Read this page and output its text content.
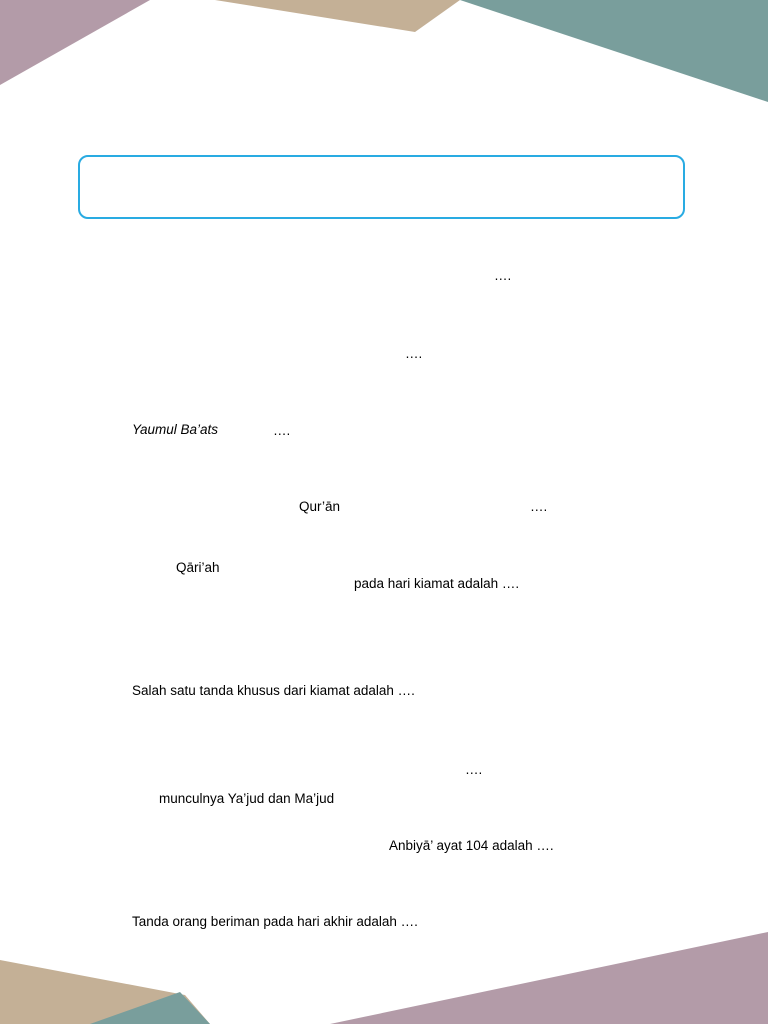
….
….
Yaumul Ba’ats	….
Qur’ān	….
Qāri’ah
pada hari kiamat adalah ….
Salah satu tanda khusus dari kiamat adalah ….
….
munculnya Ya’jud dan Ma’jud
Anbiyā’ ayat 104 adalah ….
Tanda orang beriman pada hari akhir adalah ….
